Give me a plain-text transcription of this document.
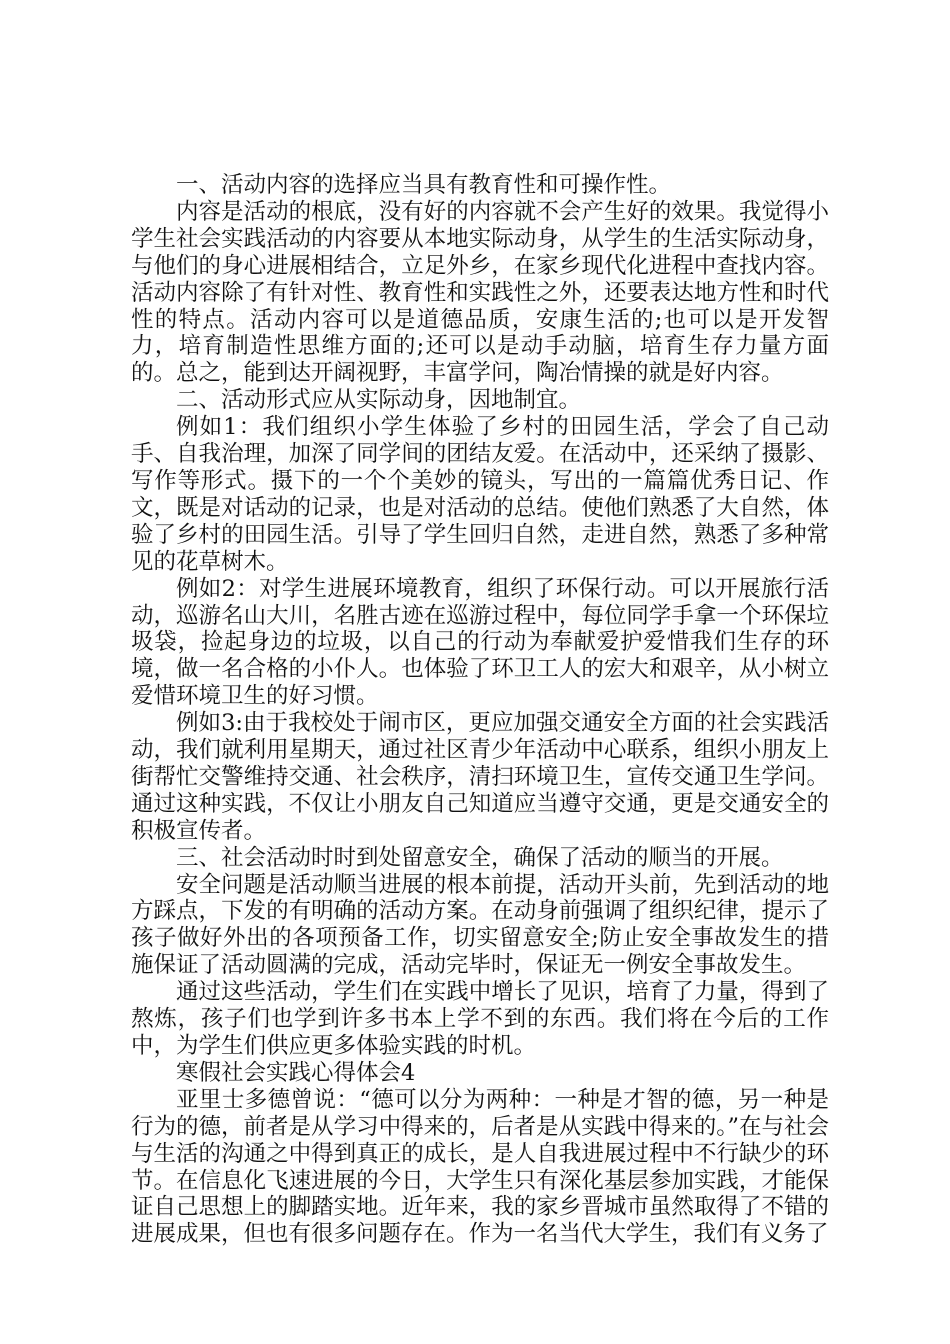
一、活动内容的选择应当具有教育性和可操作性。

内容是活动的根底，没有好的内容就不会产生好的效果。我觉得小学生社会实践活动的内容要从本地实际动身，从学生的生活实际动身，与他们的身心进展相结合，立足外乡，在家乡现代化进程中查找内容。活动内容除了有针对性、教育性和实践性之外，还要表达地方性和时代性的特点。活动内容可以是道德品质，安康生活的;也可以是开发智力，培育制造性思维方面的;还可以是动手动脑，培育生存力量方面的。总之，能到达开阔视野，丰富学问，陶冶情操的就是好内容。

二、活动形式应从实际动身，因地制宜。

例如1：我们组织小学生体验了乡村的田园生活，学会了自己动手、自我治理，加深了同学间的团结友爱。在活动中，还采纳了摄影、写作等形式。摄下的一个个美妙的镜头，写出的一篇篇优秀日记、作文，既是对话动的记录，也是对活动的总结。使他们熟悉了大自然，体验了乡村的田园生活。引导了学生回归自然，走进自然，熟悉了多种常见的花草树木。

例如2：对学生进展环境教育，组织了环保行动。可以开展旅行活动，巡游名山大川，名胜古迹在巡游过程中，每位同学手拿一个环保垃圾袋，捡起身边的垃圾，以自己的行动为奉献爱护爱惜我们生存的环境，做一名合格的小仆人。也体验了环卫工人的宏大和艰辛，从小树立爱惜环境卫生的好习惯。

例如3:由于我校处于闹市区，更应加强交通安全方面的社会实践活动，我们就利用星期天，通过社区青少年活动中心联系，组织小朋友上街帮忙交警维持交通、社会秩序，清扫环境卫生，宣传交通卫生学问。通过这种实践，不仅让小朋友自己知道应当遵守交通，更是交通安全的积极宣传者。

三、社会活动时时到处留意安全，确保了活动的顺当的开展。

安全问题是活动顺当进展的根本前提，活动开头前，先到活动的地方踩点，下发的有明确的活动方案。在动身前强调了组织纪律，提示了孩子做好外出的各项预备工作，切实留意安全;防止安全事故发生的措施保证了活动圆满的完成，活动完毕时，保证无一例安全事故发生。

通过这些活动，学生们在实践中增长了见识，培育了力量，得到了熬炼，孩子们也学到许多书本上学不到的东西。我们将在今后的工作中，为学生们供应更多体验实践的时机。

寒假社会实践心得体会4

亚里士多德曾说：“德可以分为两种：一种是才智的德，另一种是行为的德，前者是从学习中得来的，后者是从实践中得来的。”在与社会与生活的沟通之中得到真正的成长，是人自我进展过程中不行缺少的环节。在信息化飞速进展的今日，大学生只有深化基层参加实践，才能保证自己思想上的脚踏实地。近年来，我的家乡晋城市虽然取得了不错的进展成果，但也有很多问题存在。作为一名当代大学生，我们有义务了
